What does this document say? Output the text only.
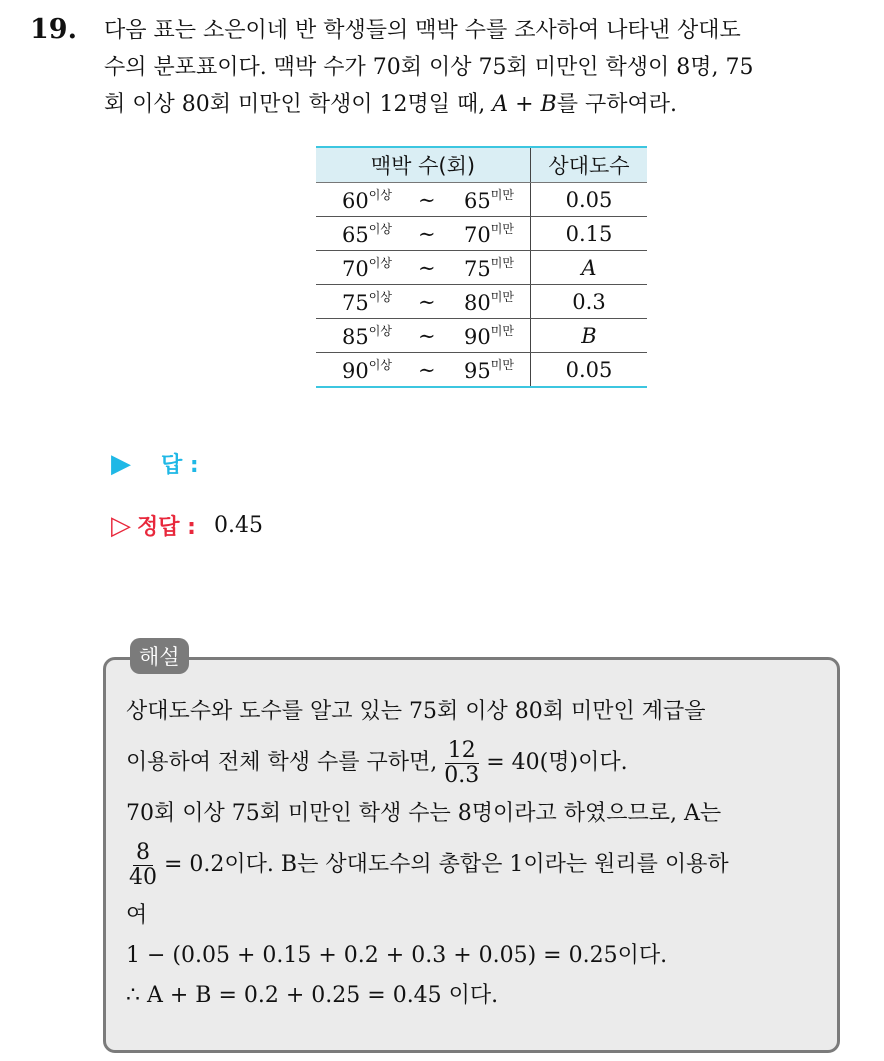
19. 다음 표는 소은이네 반 학생들의 맥박 수를 조사하여 나타낸 상대도
수의 분포표이다. 맥박 수가 70회 이상 75회 미만인 학생이 8명, 75
회 이상 80회 미만인 학생이 12명일 때, A + B를 구하여라.
맥박 수(회)	상대도수

$60^{이상}$ ∼ $65^{미만}$	0.05

$65^{이상}$ ∼ $70^{미만}$	0.15

$70^{이상}$ ∼ $75^{미만}$	A

$75^{이상}$ ∼ $80^{미만}$	0.3

$85^{이상}$ ∼ $90^{미만}$	B

$90^{이상}$ ∼ $95^{미만}$	0.05
▶ 답 :
▷ 정답 : 0.45
해설
상대도수와 도수를 알고 있는 75회 이상 80회 미만인 계급을
이용하여 전체 학생 수를 구하면, $\frac{12}{0.3} = 40$(명)이다.
70회 이상 75회 미만인 학생 수는 8명이라고 하였으므로, A는
$\frac{8}{40} = 0.2$이다. B는 상대도수의 총합은 1이라는 원리를 이용하
여
1 − (0.05 + 0.15 + 0.2 + 0.3 + 0.05) = 0.25이다.
∴ A + B = 0.2 + 0.25 = 0.45 이다.
